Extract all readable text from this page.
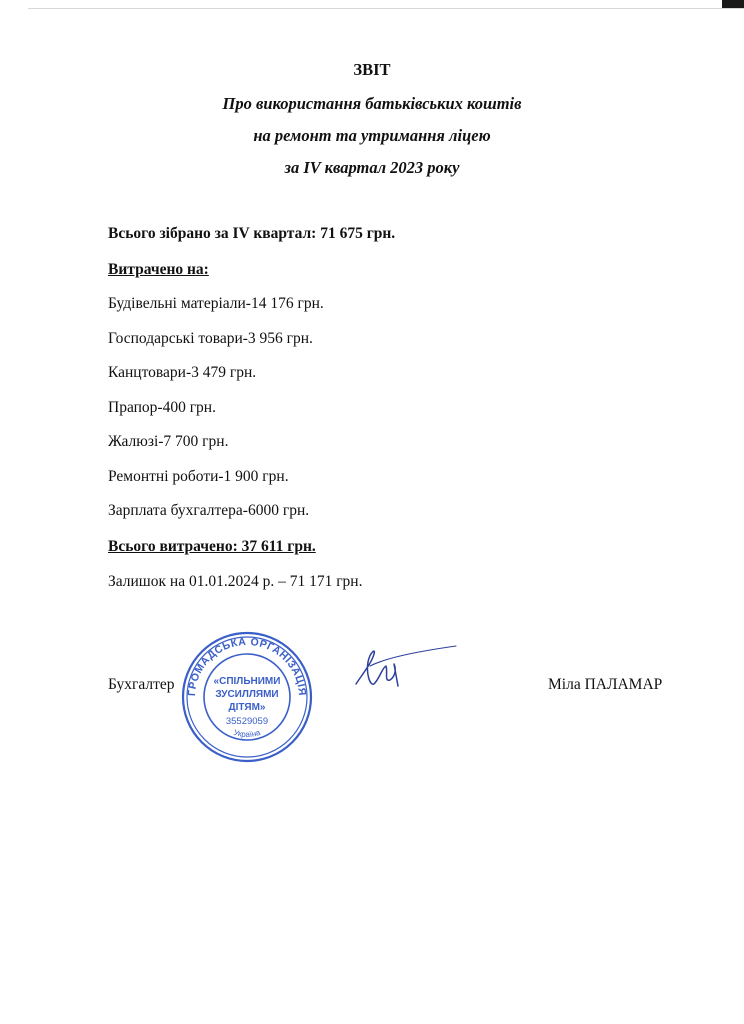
ЗВІТ
Про використання батьківських коштів
на ремонт та утримання ліцею
за IV квартал 2023 року
Всього зібрано за IV квартал: 71 675 грн.
Витрачено на:
Будівельні матеріали-14 176 грн.
Господарські товари-3 956 грн.
Канцтовари-3 479 грн.
Прапор-400 грн.
Жалюзі-7 700 грн.
Ремонтні роботи-1 900 грн.
Зарплата бухгалтера-6000 грн.
Всього витрачено: 37 611 грн.
Залишок на 01.01.2024 р. – 71 171 грн.
Бухгалтер	Міла ПАЛАМАР
ГРОМАДСЬКА ОРГАНІЗАЦІЯ
Україна
«СПІЛЬНИМИ
ЗУСИЛЛЯМИ
ДІТЯМ»
35529059
